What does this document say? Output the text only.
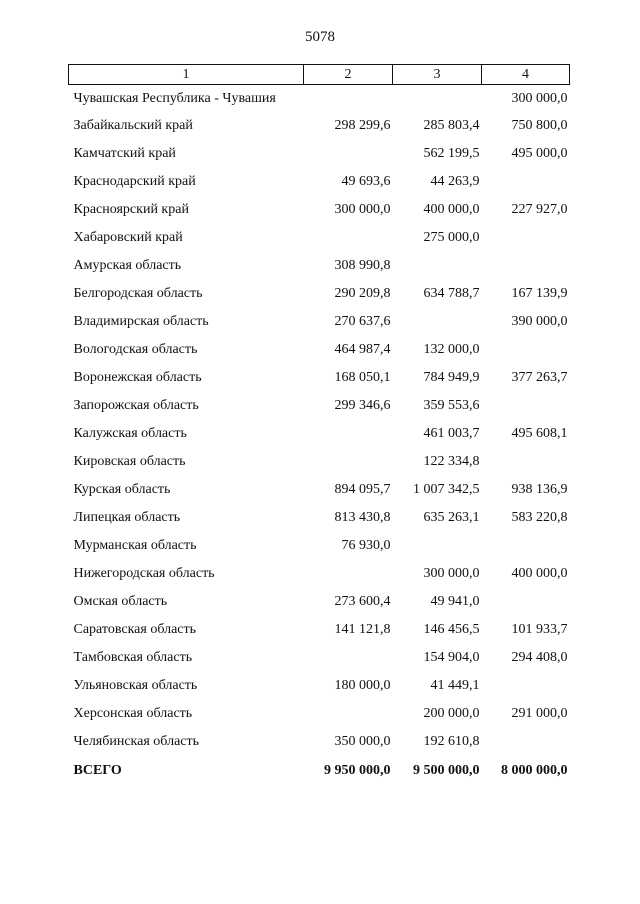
5078
1	2	3	4
Чувашская Республика - Чувашия			300 000,0
Забайкальский край	298 299,6	285 803,4	750 800,0
Камчатский край		562 199,5	495 000,0
Краснодарский край	49 693,6	44 263,9	
Красноярский край	300 000,0	400 000,0	227 927,0
Хабаровский край		275 000,0	
Амурская область	308 990,8		
Белгородская область	290 209,8	634 788,7	167 139,9
Владимирская область	270 637,6		390 000,0
Вологодская область	464 987,4	132 000,0	
Воронежская область	168 050,1	784 949,9	377 263,7
Запорожская область	299 346,6	359 553,6	
Калужская область		461 003,7	495 608,1
Кировская область		122 334,8	
Курская область	894 095,7	1 007 342,5	938 136,9
Липецкая область	813 430,8	635 263,1	583 220,8
Мурманская область	76 930,0		
Нижегородская область		300 000,0	400 000,0
Омская область	273 600,4	49 941,0	
Саратовская область	141 121,8	146 456,5	101 933,7
Тамбовская область		154 904,0	294 408,0
Ульяновская область	180 000,0	41 449,1	
Херсонская область		200 000,0	291 000,0
Челябинская область	350 000,0	192 610,8	
ВСЕГО	9 950 000,0	9 500 000,0	8 000 000,0
